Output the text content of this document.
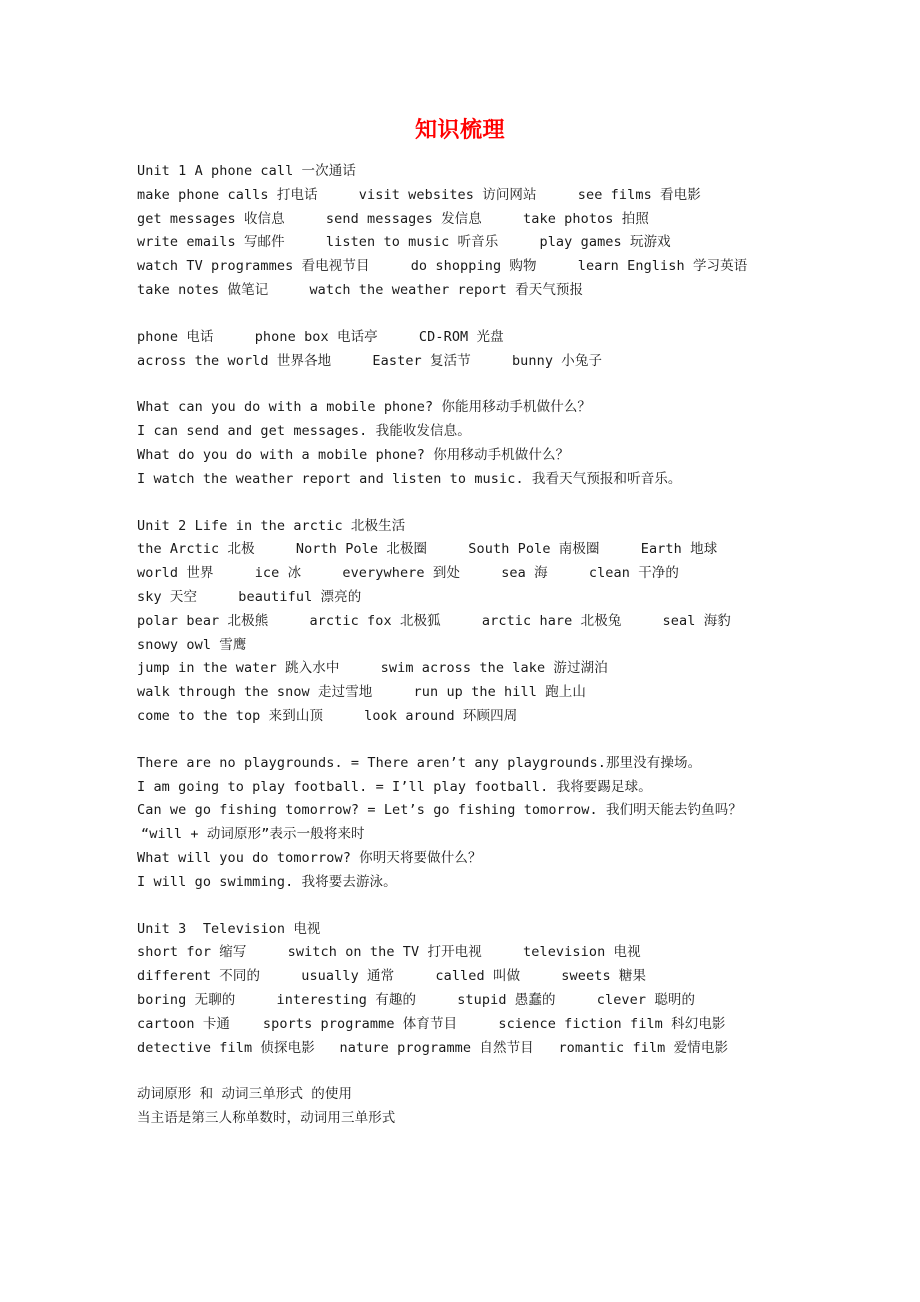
知识梳理
Unit 1 A phone call 一次通话
make phone calls 打电话     visit websites 访问网站     see films 看电影
get messages 收信息     send messages 发信息     take photos 拍照
write emails 写邮件     listen to music 听音乐     play games 玩游戏
watch TV programmes 看电视节目     do shopping 购物     learn English 学习英语
take notes 做笔记     watch the weather report 看天气预报
phone 电话     phone box 电话亭     CD-ROM 光盘
across the world 世界各地     Easter 复活节     bunny 小兔子
What can you do with a mobile phone? 你能用移动手机做什么？
I can send and get messages. 我能收发信息。
What do you do with a mobile phone? 你用移动手机做什么？
I watch the weather report and listen to music. 我看天气预报和听音乐。
Unit 2 Life in the arctic 北极生活
the Arctic 北极     North Pole 北极圈     South Pole 南极圈     Earth 地球
world 世界     ice 冰     everywhere 到处     sea 海     clean 干净的
sky 天空     beautiful 漂亮的
polar bear 北极熊     arctic fox 北极狐     arctic hare 北极兔     seal 海豹
snowy owl 雪鹰
jump in the water 跳入水中     swim across the lake 游过湖泊
walk through the snow 走过雪地     run up the hill 跑上山
come to the top 来到山顶     look around 环顾四周
There are no playgrounds. = There aren’t any playgrounds.那里没有操场。
I am going to play football. = I’ll play football. 我将要踢足球。
Can we go fishing tomorrow? = Let’s go fishing tomorrow. 我们明天能去钓鱼吗？
“will + 动词原形”表示一般将来时
What will you do tomorrow? 你明天将要做什么？
I will go swimming. 我将要去游泳。
Unit 3  Television 电视
short for 缩写     switch on the TV 打开电视     television 电视
different 不同的     usually 通常     called 叫做     sweets 糖果
boring 无聊的     interesting 有趣的     stupid 愚蠢的     clever 聪明的
cartoon 卡通    sports programme 体育节目     science fiction film 科幻电影     detective film 侦探电影   nature programme 自然节目   romantic film 爱情电影
动词原形 和 动词三单形式 的使用
当主语是第三人称单数时，动词用三单形式
